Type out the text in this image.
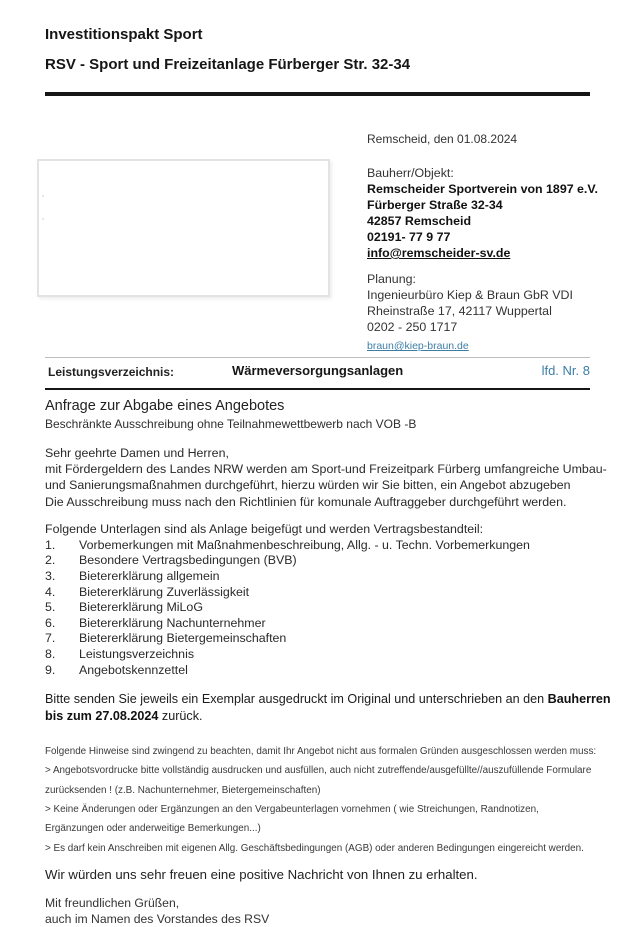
Investitionspakt Sport
RSV - Sport und Freizeitanlage Fürberger Str. 32-34
Remscheid, den 01.08.2024
,
,
Bauherr/Objekt:
Remscheider Sportverein von 1897 e.V.
Fürberger Straße 32-34
42857 Remscheid
02191- 77 9 77
info@remscheider-sv.de
Planung:
Ingenieurbüro Kiep & Braun GbR VDI
Rheinstraße 17, 42117 Wuppertal
0202 - 250 1717
braun@kiep-braun.de
Leistungsverzeichnis:	Wärmeversorgungsanlagen	lfd. Nr. 8
Anfrage zur Abgabe eines Angebotes
Beschränkte Ausschreibung ohne Teilnahmewettbewerb nach VOB -B
Sehr geehrte Damen und Herren,
mit Fördergeldern des Landes NRW werden am Sport-und Freizeitpark Fürberg umfangreiche Umbau-
und Sanierungsmaßnahmen durchgeführt, hierzu würden wir Sie bitten, ein Angebot abzugeben
Die Ausschreibung muss nach den Richtlinien für komunale Auftraggeber durchgeführt werden.
Folgende Unterlagen sind als Anlage beigefügt und werden Vertragsbestandteil:
1.	Vorbemerkungen mit Maßnahmenbeschreibung, Allg. - u. Techn. Vorbemerkungen
2.	Besondere Vertragsbedingungen (BVB)
3.	Bietererklärung allgemein
4.	Bietererklärung Zuverlässigkeit
5.	Bietererklärung MiLoG
6.	Bietererklärung Nachunternehmer
7.	Bietererklärung Bietergemeinschaften
8.	Leistungsverzeichnis
9.	Angebotskennzettel
Bitte senden Sie jeweils ein Exemplar ausgedruckt im Original und unterschrieben an den Bauherren
bis zum 27.08.2024 zurück.
Folgende Hinweise sind zwingend zu beachten, damit Ihr Angebot nicht aus formalen Gründen ausgeschlossen werden muss:
> Angebotsvordrucke bitte vollständig ausdrucken und ausfüllen, auch nicht zutreffende/ausgefüllte//auszufüllende Formulare
zurücksenden ! (z.B. Nachunternehmer, Bietergemeinschaften)
> Keine Änderungen oder Ergänzungen an den Vergabeunterlagen vornehmen ( wie Streichungen, Randnotizen,
Ergänzungen oder anderweitige Bemerkungen...)
> Es darf kein Anschreiben mit eigenen Allg. Geschäftsbedingungen (AGB) oder anderen Bedingungen eingereicht werden.
Wir würden uns sehr freuen eine positive Nachricht von Ihnen zu erhalten.
Mit freundlichen Grüßen,
auch im Namen des Vorstandes des RSV
